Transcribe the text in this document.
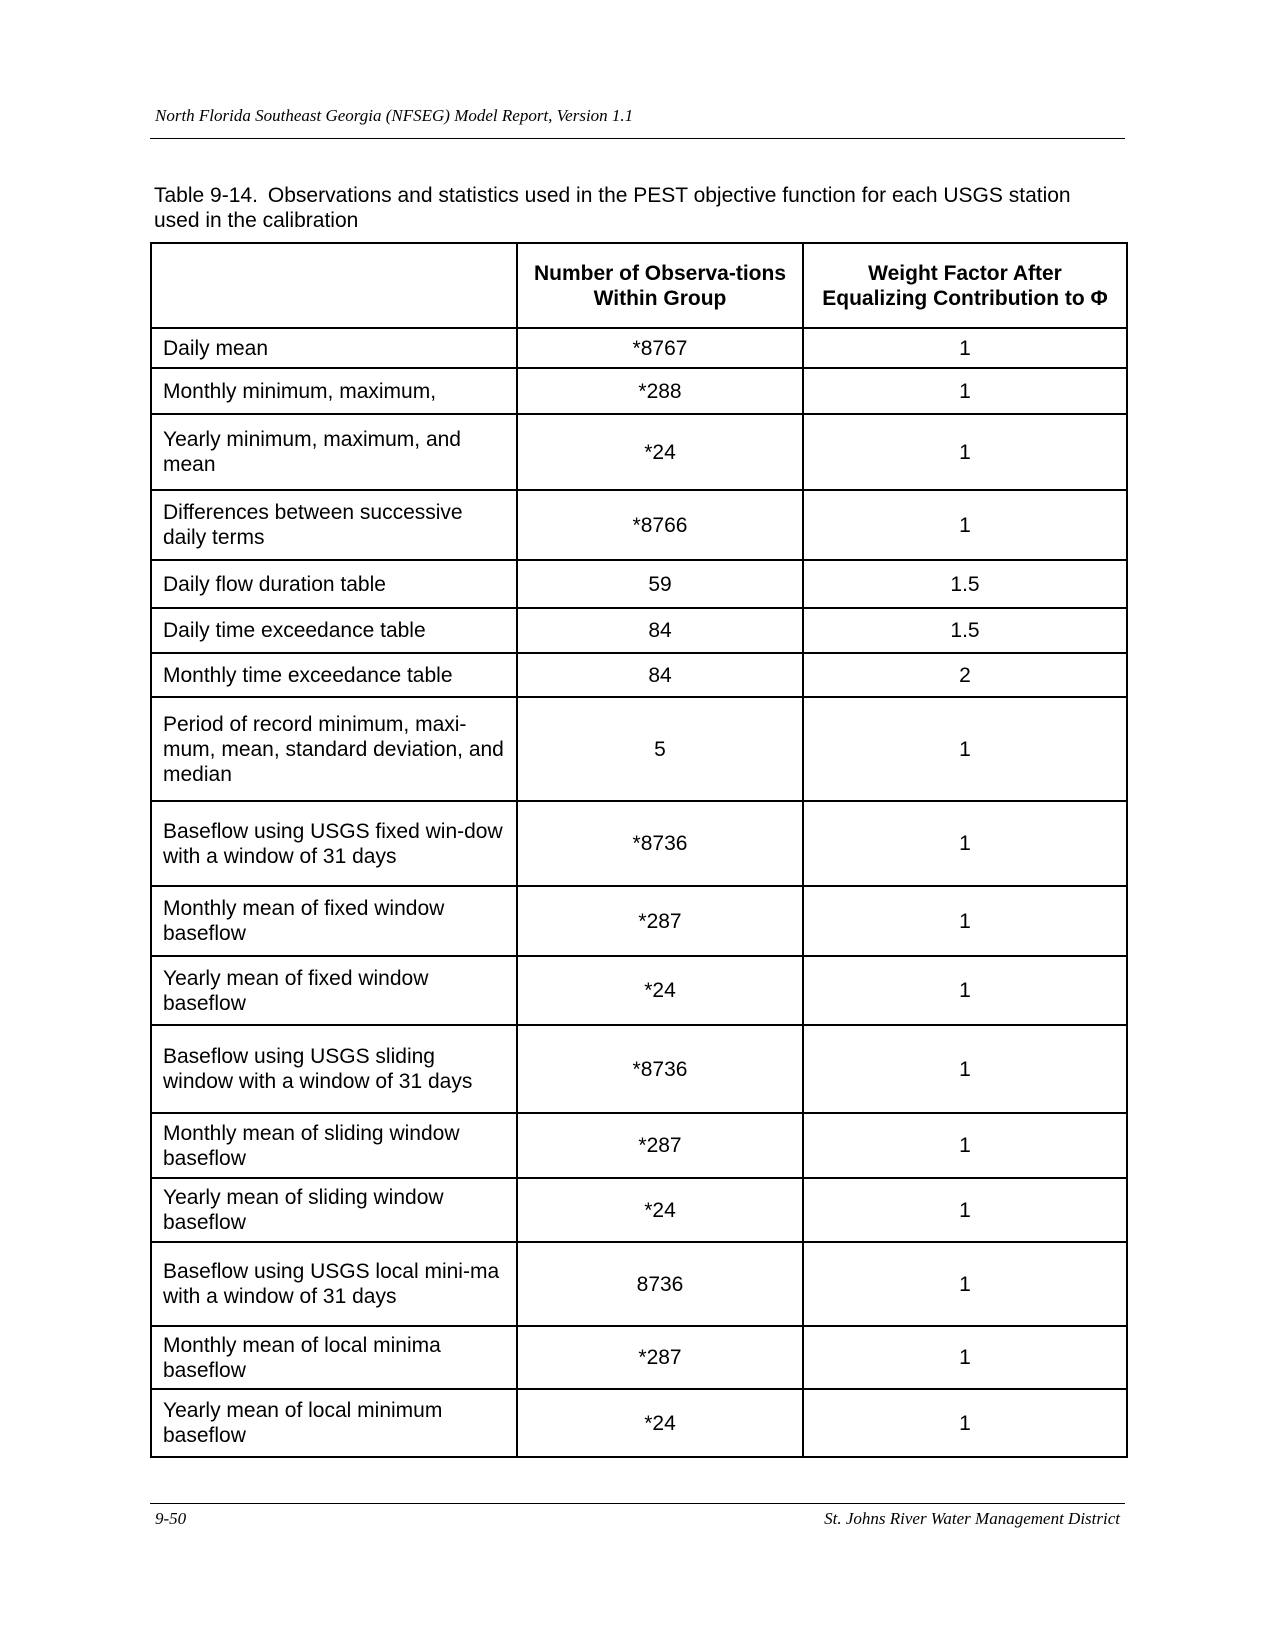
North Florida Southeast Georgia (NFSEG) Model Report, Version 1.1
Table 9-14. Observations and statistics used in the PEST objective function for each USGS station used in the calibration
	Number of Observa-tions Within Group	Weight Factor After Equalizing Contribution to Φ
Daily mean	*8767	1
Monthly minimum, maximum,	*288	1
Yearly minimum, maximum, and mean	*24	1
Differences between successive daily terms	*8766	1
Daily flow duration table	59	1.5
Daily time exceedance table	84	1.5
Monthly time exceedance table	84	2
Period of record minimum, maxi-mum, mean, standard deviation, and median	5	1
Baseflow using USGS fixed win-dow with a window of 31 days	*8736	1
Monthly mean of fixed window baseflow	*287	1
Yearly mean of fixed window baseflow	*24	1
Baseflow using USGS sliding window with a window of 31 days	*8736	1
Monthly mean of sliding window baseflow	*287	1
Yearly mean of sliding window baseflow	*24	1
Baseflow using USGS local mini-ma with a window of 31 days	8736	1
Monthly mean of local minima baseflow	*287	1
Yearly mean of local minimum baseflow	*24	1
9-50	St. Johns River Water Management District
